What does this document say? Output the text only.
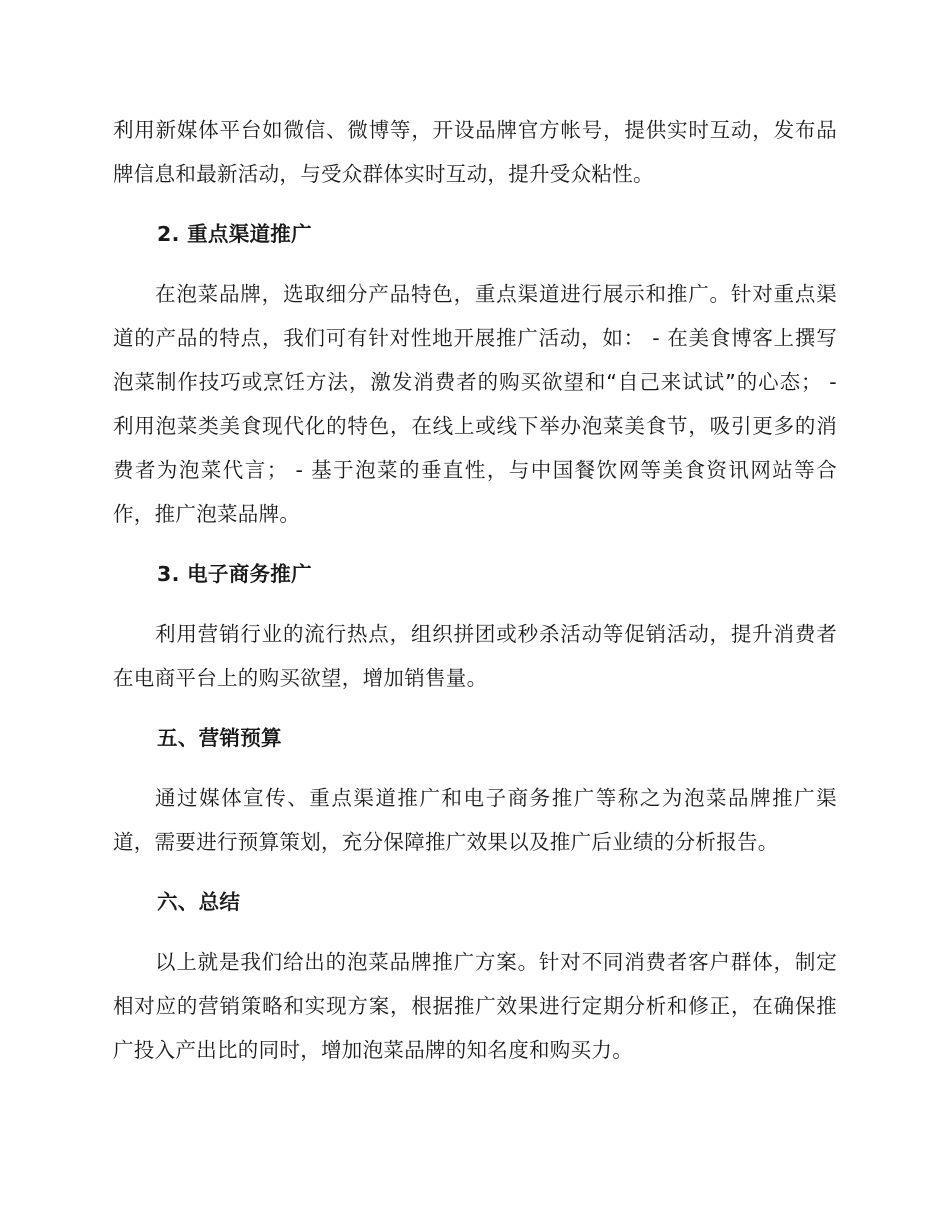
利用新媒体平台如微信、微博等，开设品牌官方帐号，提供实时互动，发布品牌信息和最新活动，与受众群体实时互动，提升受众粘性。

2. 重点渠道推广

在泡菜品牌，选取细分产品特色，重点渠道进行展示和推广。针对重点渠道的产品的特点，我们可有针对性地开展推广活动，如： - 在美食博客上撰写泡菜制作技巧或烹饪方法，激发消费者的购买欲望和“自己来试试”的心态； - 利用泡菜类美食现代化的特色，在线上或线下举办泡菜美食节，吸引更多的消费者为泡菜代言； - 基于泡菜的垂直性，与中国餐饮网等美食资讯网站等合作，推广泡菜品牌。

3. 电子商务推广

利用营销行业的流行热点，组织拼团或秒杀活动等促销活动，提升消费者在电商平台上的购买欲望，增加销售量。

五、营销预算

通过媒体宣传、重点渠道推广和电子商务推广等称之为泡菜品牌推广渠道，需要进行预算策划，充分保障推广效果以及推广后业绩的分析报告。

六、总结

以上就是我们给出的泡菜品牌推广方案。针对不同消费者客户群体，制定相对应的营销策略和实现方案，根据推广效果进行定期分析和修正，在确保推广投入产出比的同时，增加泡菜品牌的知名度和购买力。
